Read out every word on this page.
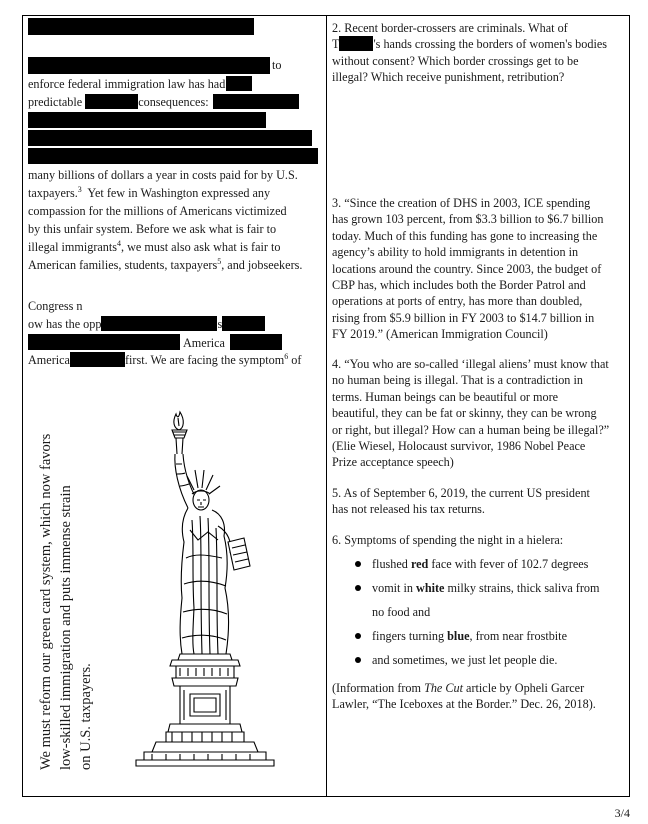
to
enforce federal immigration law has had
predictable	consequences:
many billions of dollars a year in costs paid for by U.S.
taxpayers.$^3$ Yet few in Washington expressed any
compassion for the millions of Americans victimized
by this unfair system. Before we ask what is fair to
illegal immigrants$^4$, we must also ask what is fair to
American families, students, taxpayers$^5$, and jobseekers.
Congress n
ow has the opp	s
America
America	first. We are facing the symptom$^6$ of
We must reform our green card system, which now favors low-skilled immigration and puts immense strain on U.S. taxpayers.
2. Recent border-crossers are criminals. What of
T	's hands crossing the borders of women's bodies
without consent? Which border crossings get to be
illegal? Which receive punishment, retribution?
3. “Since the creation of DHS in 2003, ICE spending
has grown 103 percent, from $3.3 billion to $6.7 billion
today. Much of this funding has gone to increasing the
agency’s ability to hold immigrants in detention in
locations around the country. Since 2003, the budget of
CBP has, which includes both the Border Patrol and
operations at ports of entry, has more than doubled,
rising from $5.9 billion in FY 2003 to $14.7 billion in
FY 2019.” (American Immigration Council)
4. “You who are so-called ‘illegal aliens’ must know that
no human being is illegal. That is a contradiction in
terms. Human beings can be beautiful or more
beautiful, they can be fat or skinny, they can be wrong
or right, but illegal? How can a human being be illegal?”
(Elie Wiesel, Holocaust survivor, 1986 Nobel Peace
Prize acceptance speech)
5. As of September 6, 2019, the current US president
has not released his tax returns.
6. Symptoms of spending the night in a hielera:
flushed red face with fever of 102.7 degrees
vomit in white milky strains, thick saliva from
no food and
fingers turning blue, from near frostbite
and sometimes, we just let people die.
(Information from The Cut article by Opheli Garcer
Lawler, “The Iceboxes at the Border.” Dec. 26, 2018).
3/4
